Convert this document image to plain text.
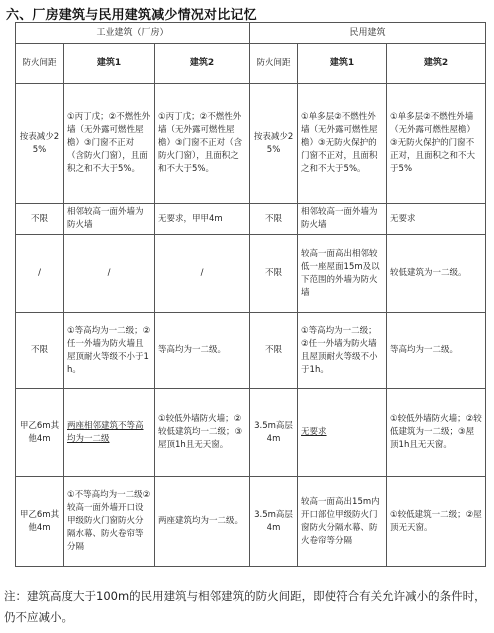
六、厂房建筑与民用建筑减少情况对比记忆
工业建筑（厂房）			民用建筑		
防火间距	建筑1	建筑2	防火间距	建筑1	建筑2
按表减少25%	①丙丁戊；②不燃性外墙（无外露可燃性屋檐）③门窗不正对（含防火门窗），且面积之和不大于5%。	①丙丁戊；②不燃性外墙（无外露可燃性屋檐）③门窗不正对（含防火门窗），且面积之和不大于5%。	按表减少25%	①单多层②不燃性外墙（无外露可燃性屋檐）③无防火保护的门窗不正对，且面积之和不大于5%。	①单多层②不燃性外墙（无外露可燃性屋檐）③无防火保护的门窗不正对，且面积之和不大于5%
不限	相邻较高一面外墙为防火墙	无要求，甲甲4m	不限	相邻较高一面外墙为防火墙	无要求
/	/	/	不限	较高一面高出相邻较低一座屋面15m及以下范围的外墙为防火墙	较低建筑为一二级。
不限	①等高均为一二级；②任一外墙为防火墙且屋顶耐火等级不小于1h。	等高均为一二级。	不限	①等高均为一二级；②任一外墙为防火墙且屋顶耐火等级不小于1h。	等高均为一二级。
甲乙6m其他4m	两座相邻建筑不等高均为一二级	①较低外墙防火墙；②较低建筑均一二级；③屋顶1h且无天窗。	3.5m高层4m	无要求	①较低外墙防火墙；②较低建筑为一二级；③屋顶1h且无天窗。
甲乙6m其他4m	①不等高均为一二级②较高一面外墙开口设甲级防火门窗防火分隔水幕、防火卷帘等分隔	两座建筑均为一二级。	3.5m高层4m	较高一面高出15m内开口部位甲级防火门窗防火分隔水幕、防火卷帘等分隔	①较低建筑一二级；②屋顶无天窗。
注：建筑高度大于100m的民用建筑与相邻建筑的防火间距，即使符合有关允许减小的条件时，仍不应减小。
